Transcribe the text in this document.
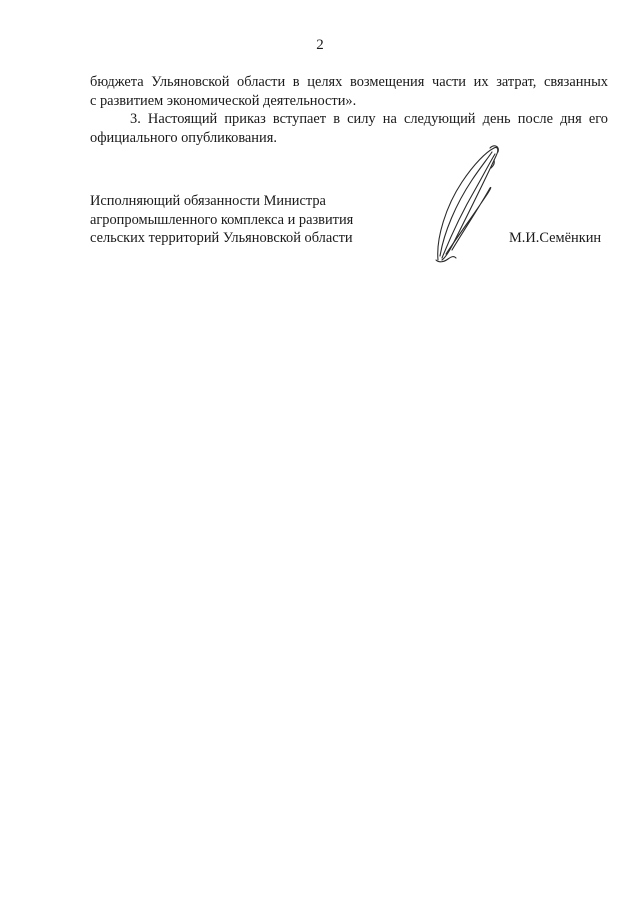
2
бюджета Ульяновской области в целях возмещения части их затрат, связанных
с развитием экономической деятельности».
3. Настоящий приказ вступает в силу на следующий день после дня его
официального опубликования.
Исполняющий обязанности Министра
агропромышленного комплекса и развития
сельских территорий Ульяновской области	М.И.Семёнкин
